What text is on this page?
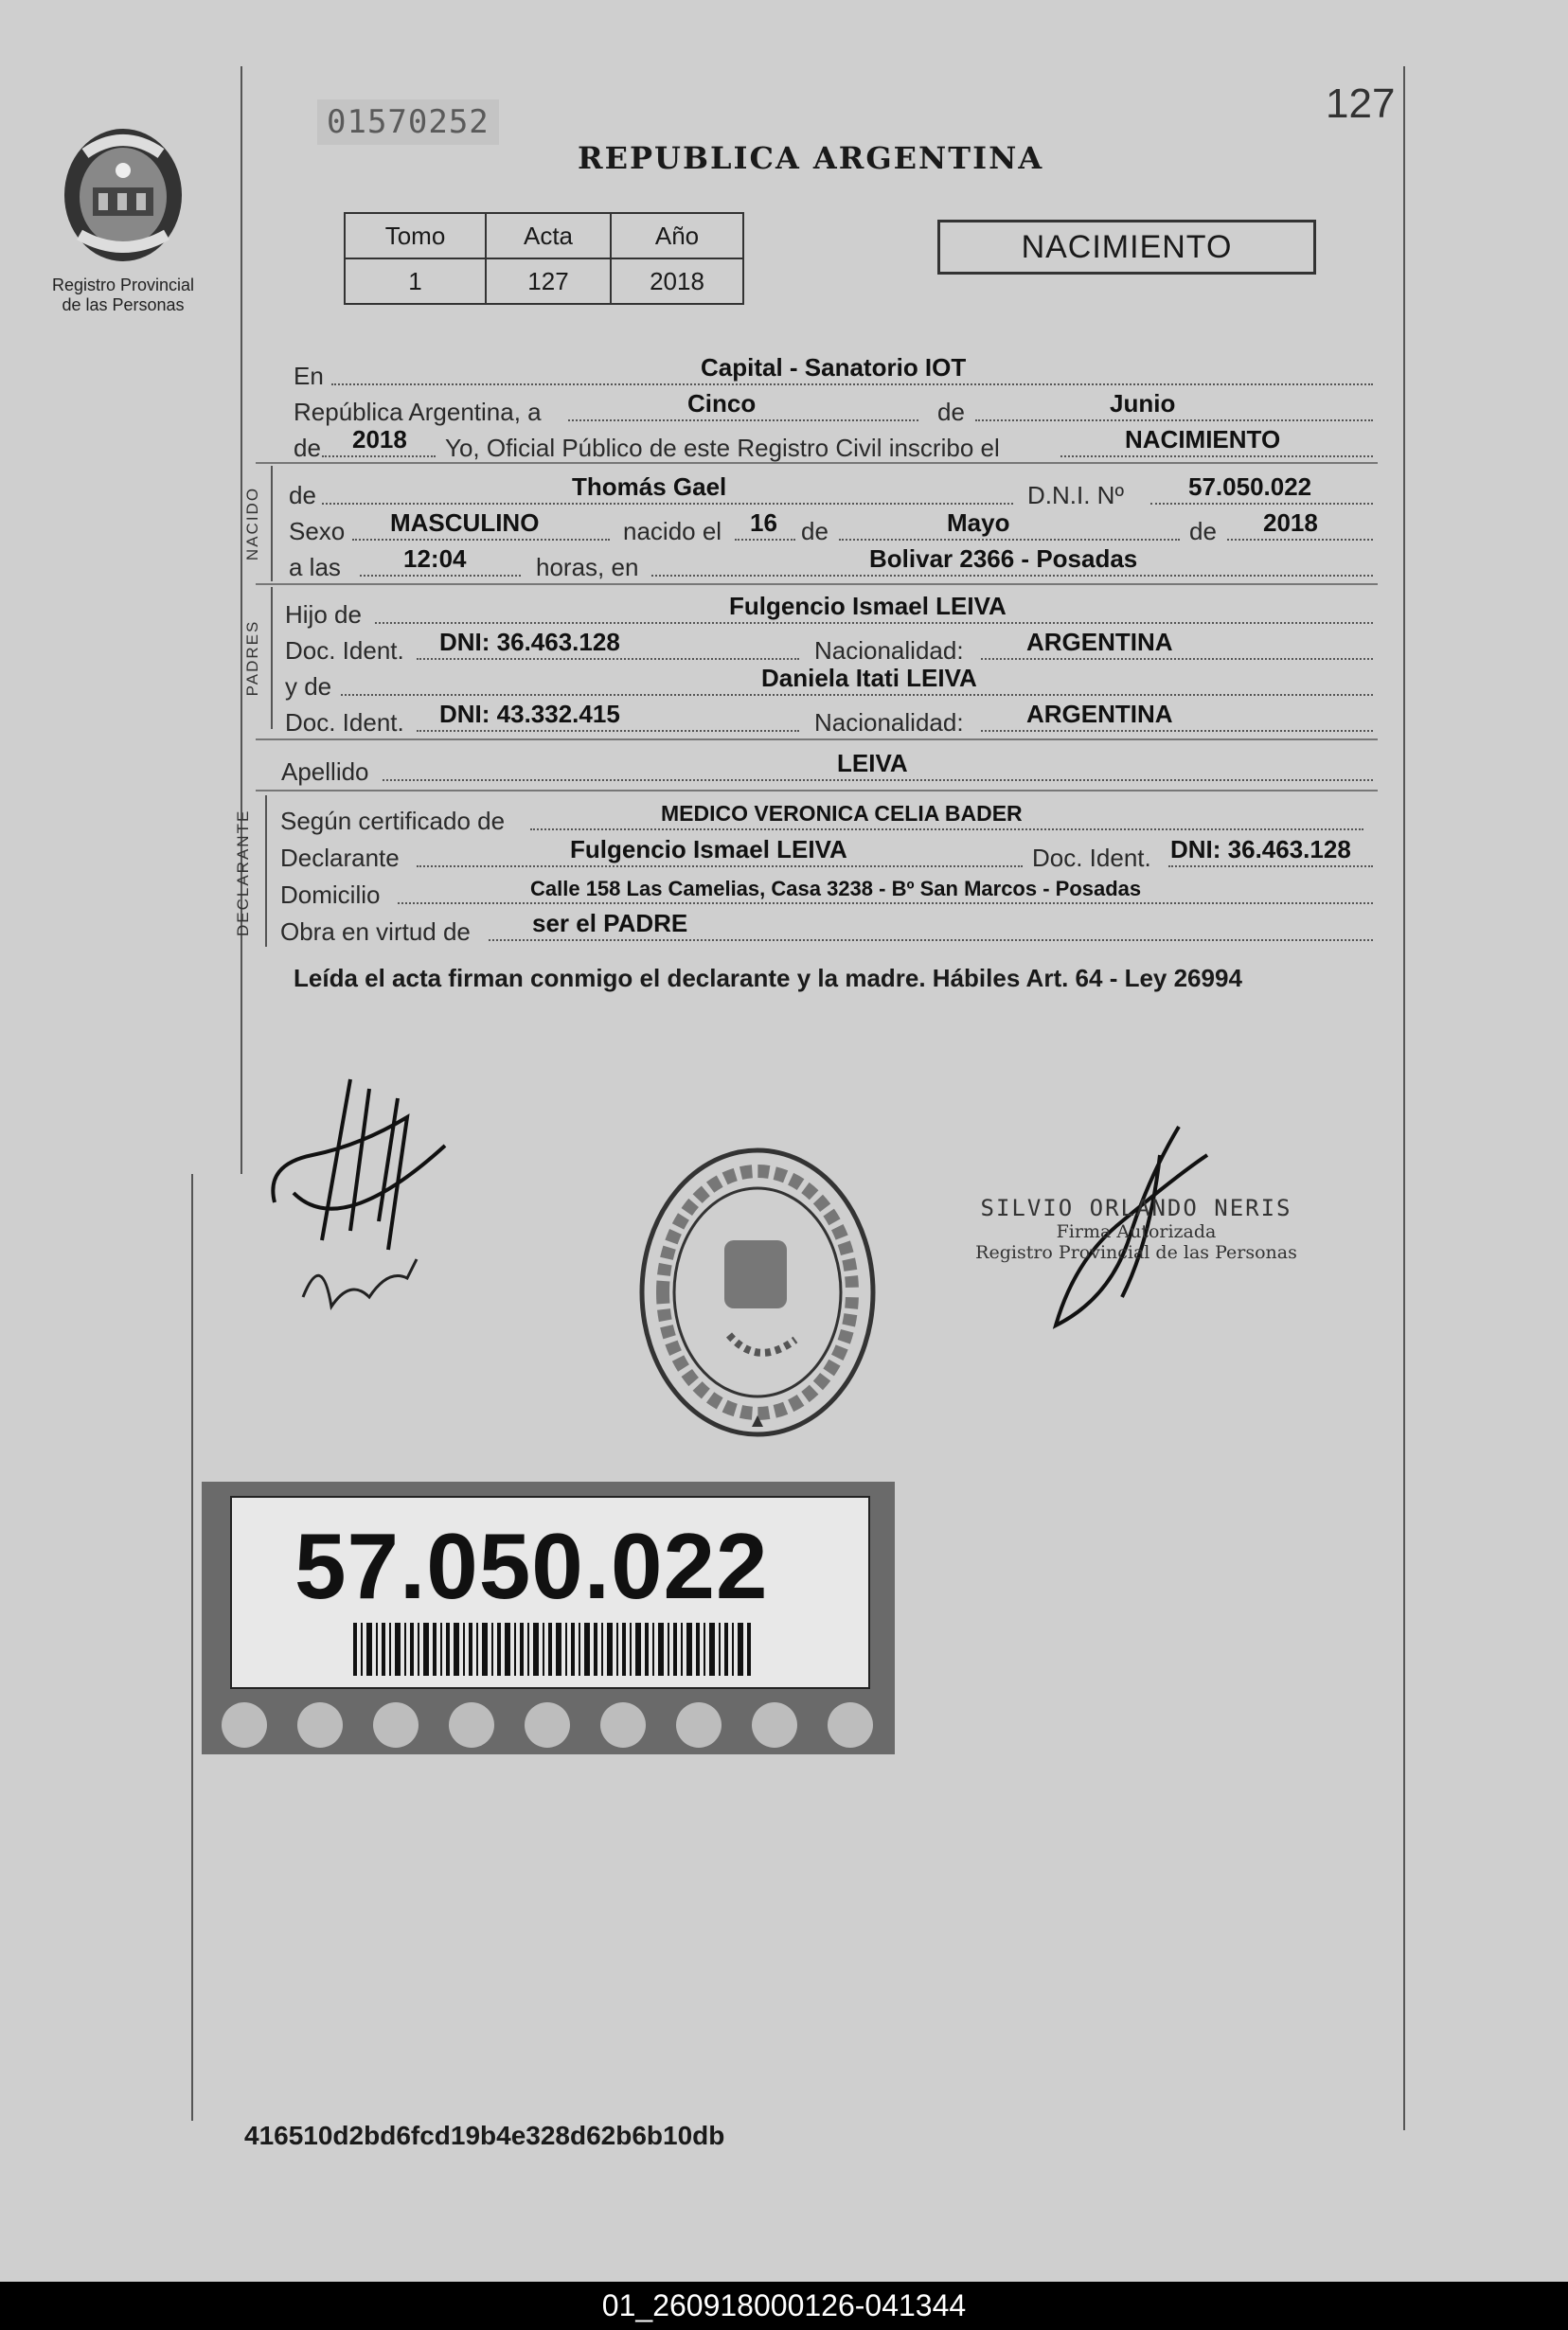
Registro Provincial
de las Personas
01570252
REPUBLICA ARGENTINA
127
Tomo	Acta	Año
1	127	2018
NACIMIENTO
En	Capital - Sanatorio IOT
República Argentina, a	Cinco	de	Junio
de 2018 Yo, Oficial Público de este Registro Civil inscribo el	NACIMIENTO
NACIDO de	Thomás Gael	D.N.I. Nº	57.050.022
Sexo MASCULINO	nacido el 16 de	Mayo	de 2018
a las	12:04	horas, en	Bolivar 2366 - Posadas
PADRES
Hijo de	Fulgencio Ismael LEIVA
Doc. Ident. DNI: 36.463.128	Nacionalidad:	ARGENTINA
y de	Daniela Itati LEIVA
Doc. Ident. DNI: 43.332.415	Nacionalidad:	ARGENTINA
Apellido	LEIVA
DECLARANTE Según certificado de	MEDICO VERONICA CELIA BADER
Declarante	Fulgencio Ismael LEIVA	Doc. Ident. DNI: 36.463.128
Domicilio	Calle 158 Las Camelias, Casa 3238 - Bº San Marcos - Posadas
Obra en virtud de	ser el PADRE
Leída el acta firman conmigo el declarante y la madre. Hábiles Art. 64 - Ley 26994
SILVIO ORLANDO NERIS
Firma Autorizada
Registro Provincial de las Personas
57.050.022
416510d2bd6fcd19b4e328d62b6b10db
01_260918000126-041344
